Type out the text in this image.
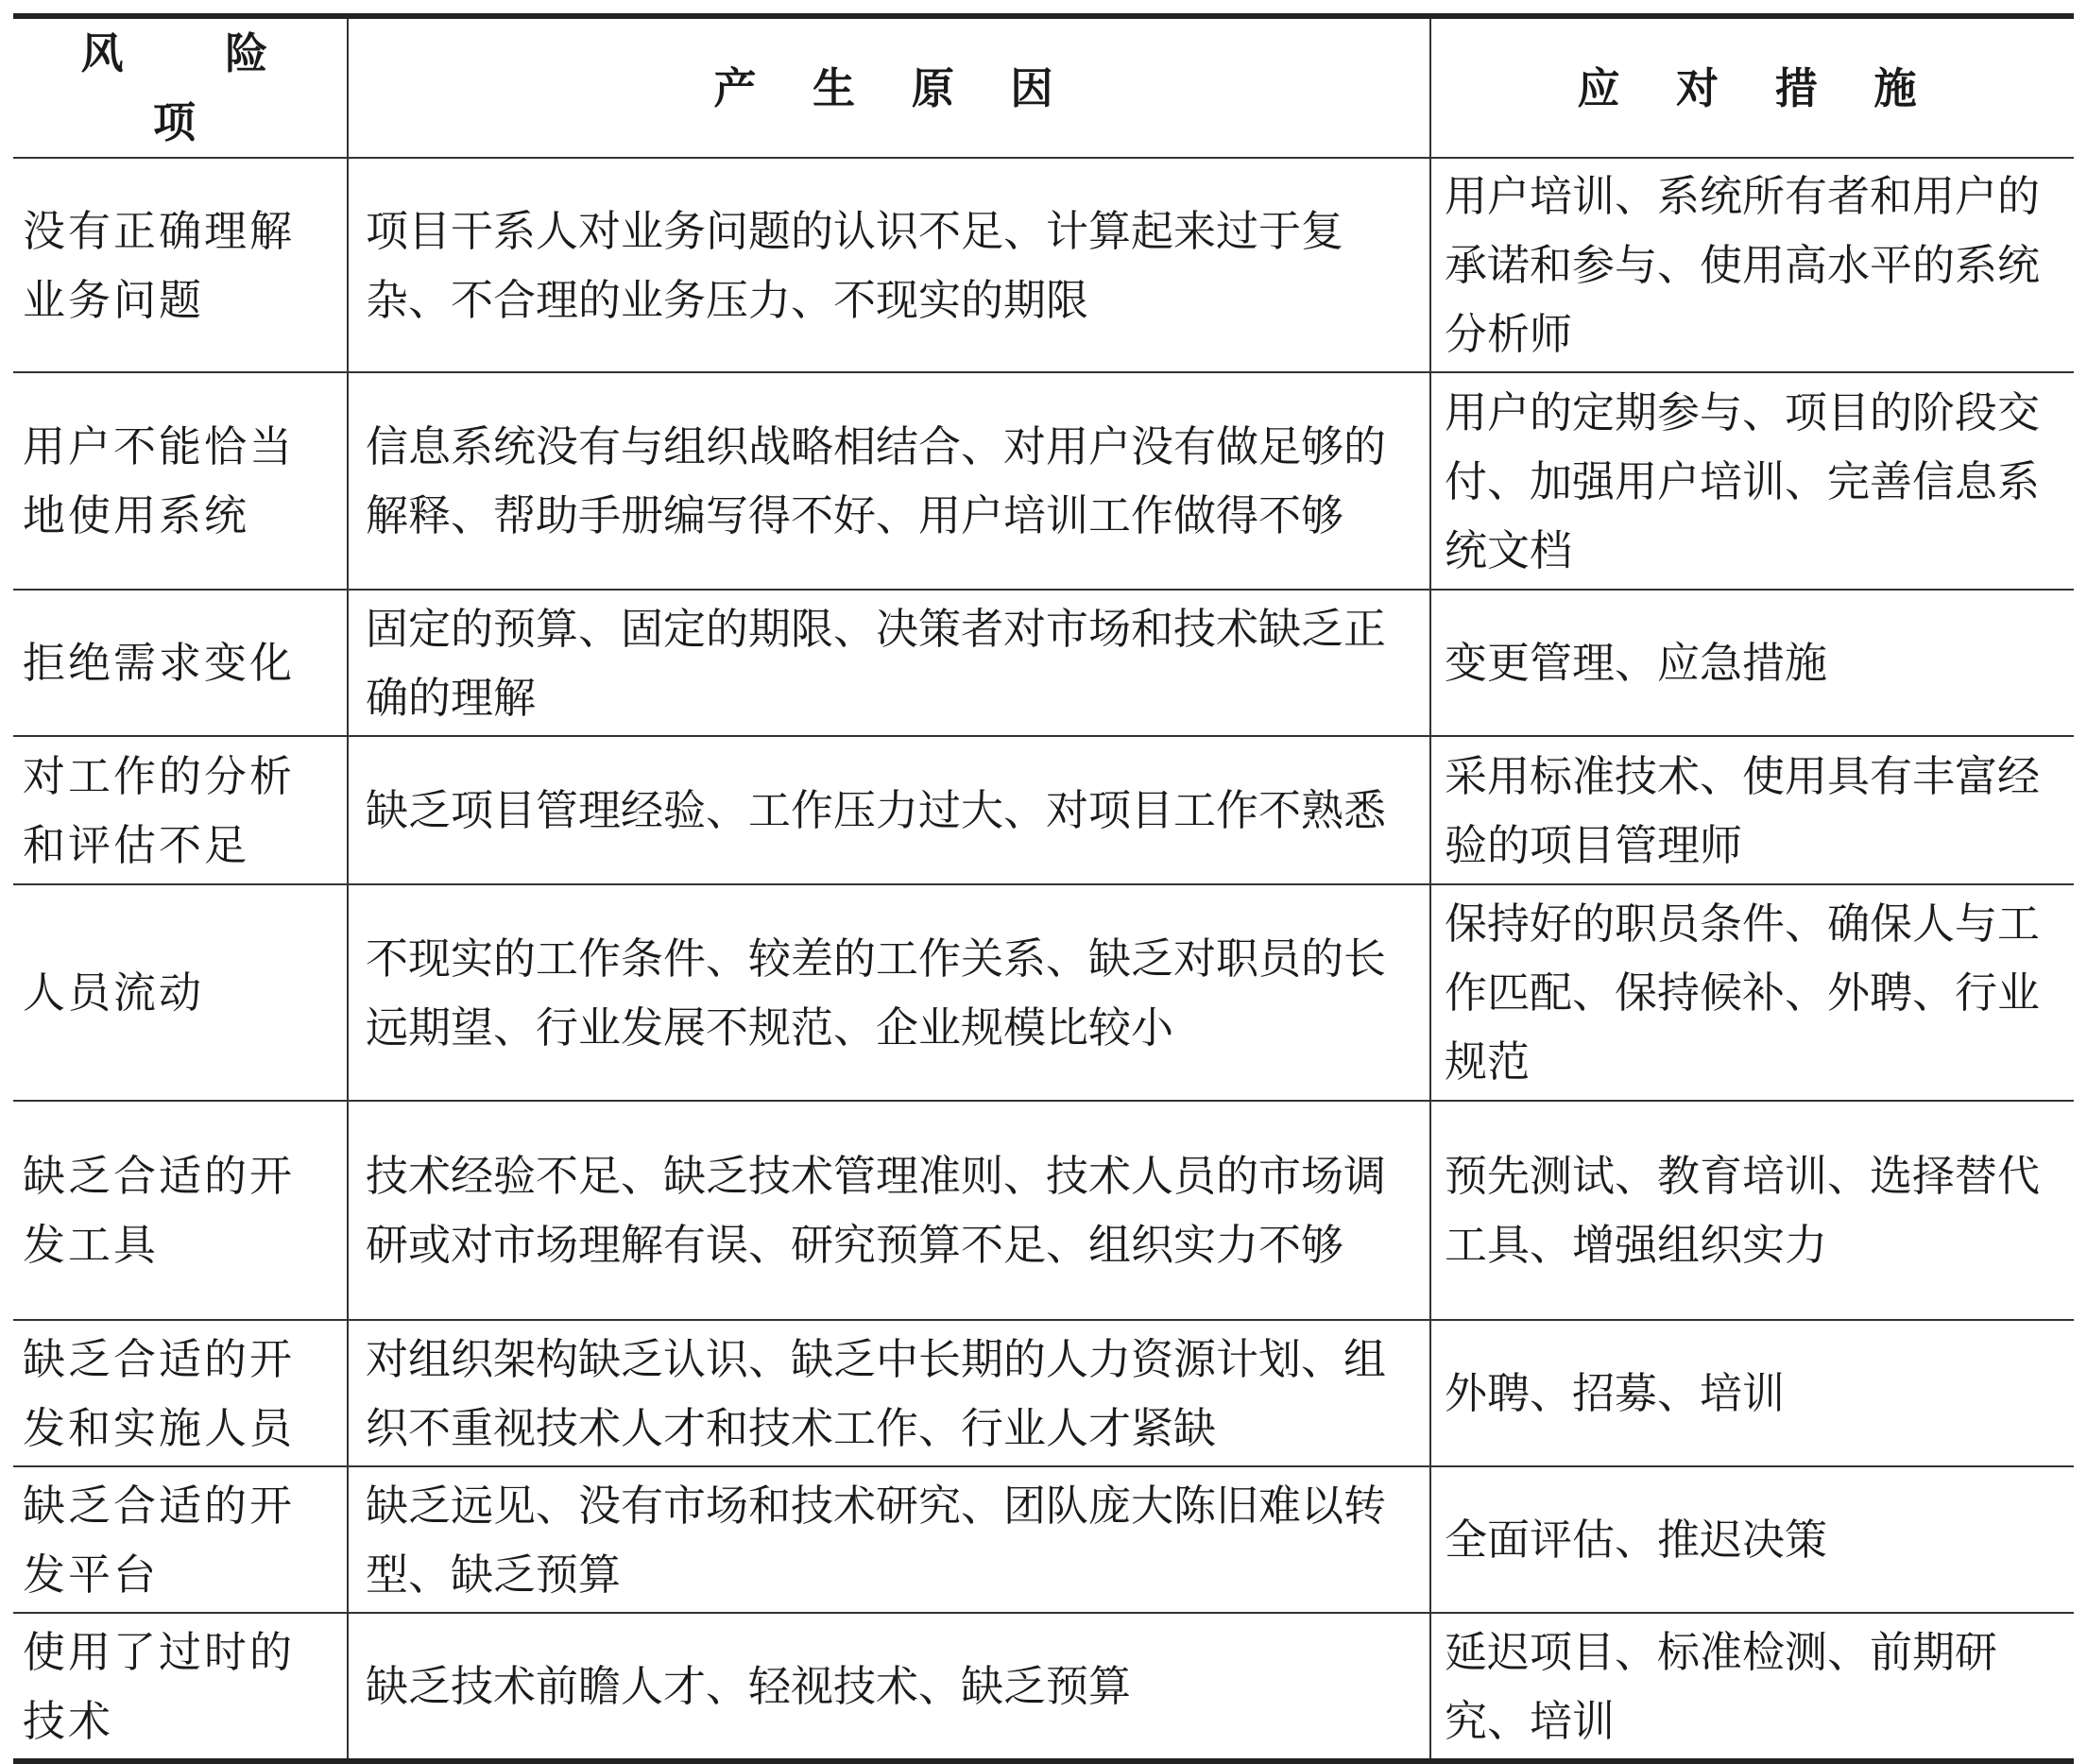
风 险 项	产 生 原 因	应 对 措 施
没有正确理解业务问题	项目干系人对业务问题的认识不足、计算起来过于复杂、不合理的业务压力、不现实的期限	用户培训、系统所有者和用户的承诺和参与、使用高水平的系统分析师
用户不能恰当地使用系统	信息系统没有与组织战略相结合、对用户没有做足够的解释、帮助手册编写得不好、用户培训工作做得不够	用户的定期参与、项目的阶段交付、加强用户培训、完善信息系统文档
拒绝需求变化	固定的预算、固定的期限、决策者对市场和技术缺乏正确的理解	变更管理、应急措施
对工作的分析和评估不足	缺乏项目管理经验、工作压力过大、对项目工作不熟悉	采用标准技术、使用具有丰富经验的项目管理师
人员流动	不现实的工作条件、较差的工作关系、缺乏对职员的长远期望、行业发展不规范、企业规模比较小	保持好的职员条件、确保人与工作匹配、保持候补、外聘、行业规范
缺乏合适的开发工具	技术经验不足、缺乏技术管理准则、技术人员的市场调研或对市场理解有误、研究预算不足、组织实力不够	预先测试、教育培训、选择替代工具、增强组织实力
缺乏合适的开发和实施人员	对组织架构缺乏认识、缺乏中长期的人力资源计划、组织不重视技术人才和技术工作、行业人才紧缺	外聘、招募、培训
缺乏合适的开发平台	缺乏远见、没有市场和技术研究、团队庞大陈旧难以转型、缺乏预算	全面评估、推迟决策
使用了过时的技术	缺乏技术前瞻人才、轻视技术、缺乏预算	延迟项目、标准检测、前期研究、培训
